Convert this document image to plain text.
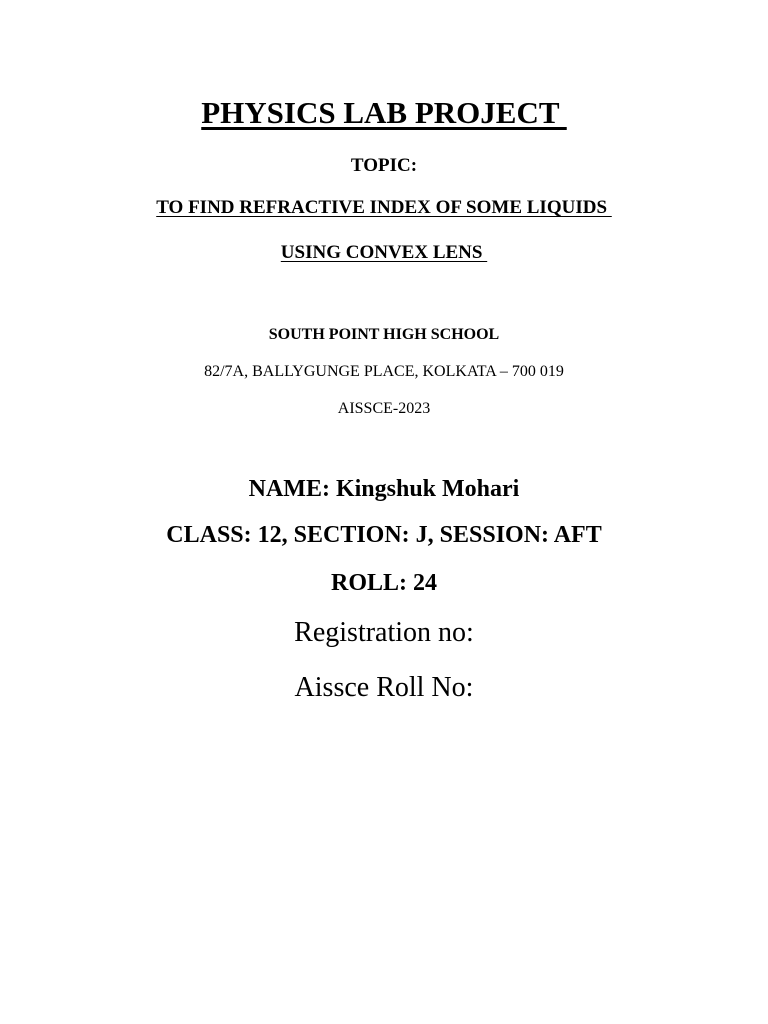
PHYSICS LAB PROJECT
TOPIC:
TO FIND REFRACTIVE INDEX OF SOME LIQUIDS
USING CONVEX LENS
SOUTH POINT HIGH SCHOOL
82/7A, BALLYGUNGE PLACE, KOLKATA – 700 019
AISSCE-2023
NAME: Kingshuk Mohari
CLASS: 12, SECTION: J, SESSION: AFT
ROLL: 24
Registration no:
Aissce Roll No:
